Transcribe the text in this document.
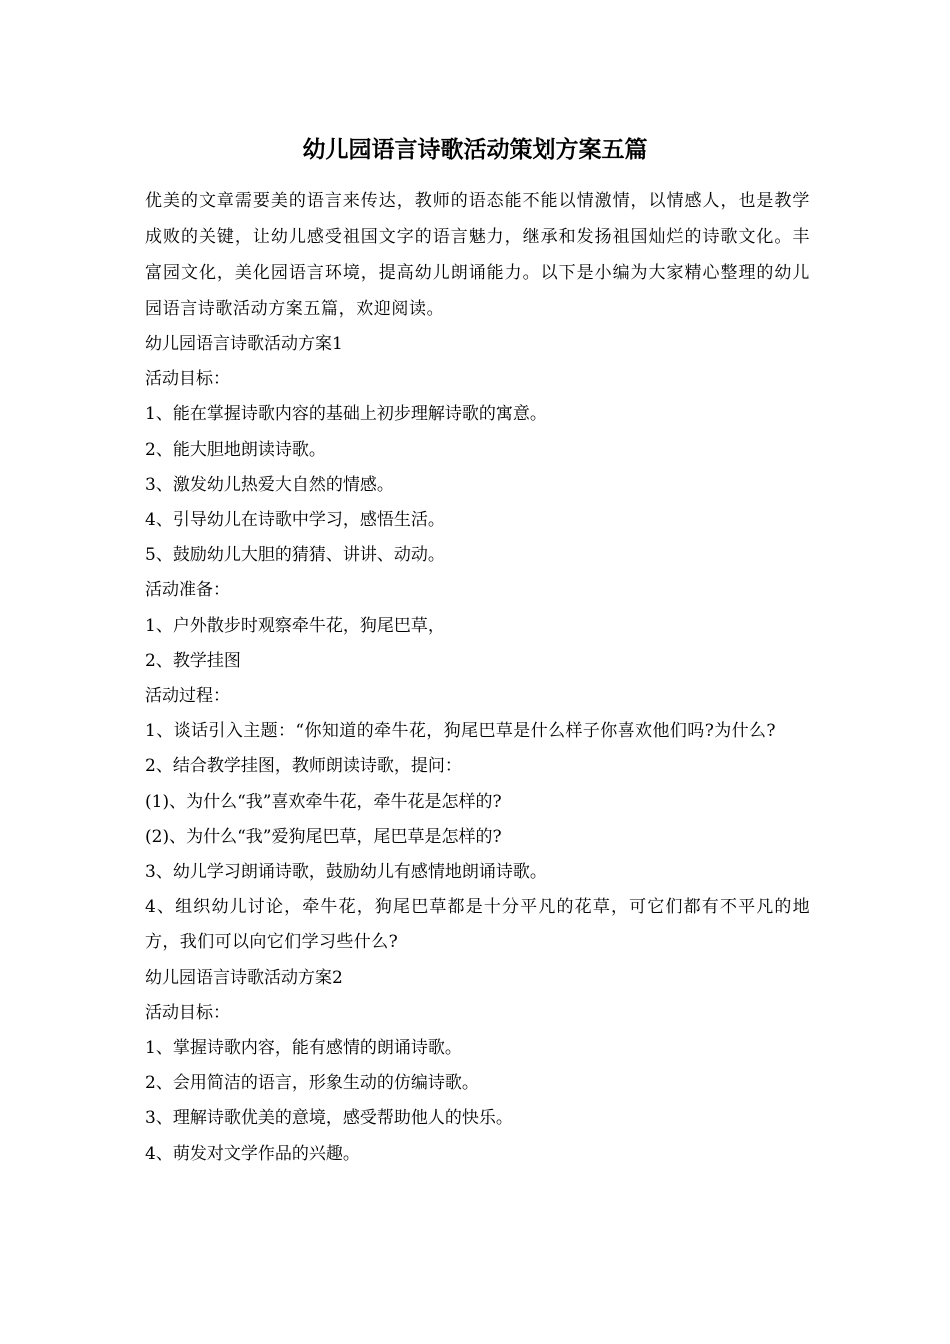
幼儿园语言诗歌活动策划方案五篇

优美的文章需要美的语言来传达，教师的语态能不能以情激情，以情感人，也是教学成败的关键，让幼儿感受祖国文字的语言魅力，继承和发扬祖国灿烂的诗歌文化。丰富园文化，美化园语言环境，提高幼儿朗诵能力。以下是小编为大家精心整理的幼儿园语言诗歌活动方案五篇，欢迎阅读。

幼儿园语言诗歌活动方案1

活动目标：

1、能在掌握诗歌内容的基础上初步理解诗歌的寓意。

2、能大胆地朗读诗歌。

3、激发幼儿热爱大自然的情感。

4、引导幼儿在诗歌中学习，感悟生活。

5、鼓励幼儿大胆的猜猜、讲讲、动动。

活动准备：

1、户外散步时观察牵牛花，狗尾巴草，

2、教学挂图

活动过程：

1、谈话引入主题：“你知道的牵牛花，狗尾巴草是什么样子你喜欢他们吗?为什么?

2、结合教学挂图，教师朗读诗歌，提问：

(1)、为什么“我”喜欢牵牛花，牵牛花是怎样的?

(2)、为什么“我”爱狗尾巴草，尾巴草是怎样的?

3、幼儿学习朗诵诗歌，鼓励幼儿有感情地朗诵诗歌。

4、组织幼儿讨论，牵牛花，狗尾巴草都是十分平凡的花草，可它们都有不平凡的地方，我们可以向它们学习些什么?

幼儿园语言诗歌活动方案2

活动目标：

1、掌握诗歌内容，能有感情的朗诵诗歌。

2、会用简洁的语言，形象生动的仿编诗歌。

3、理解诗歌优美的意境，感受帮助他人的快乐。

4、萌发对文学作品的兴趣。
